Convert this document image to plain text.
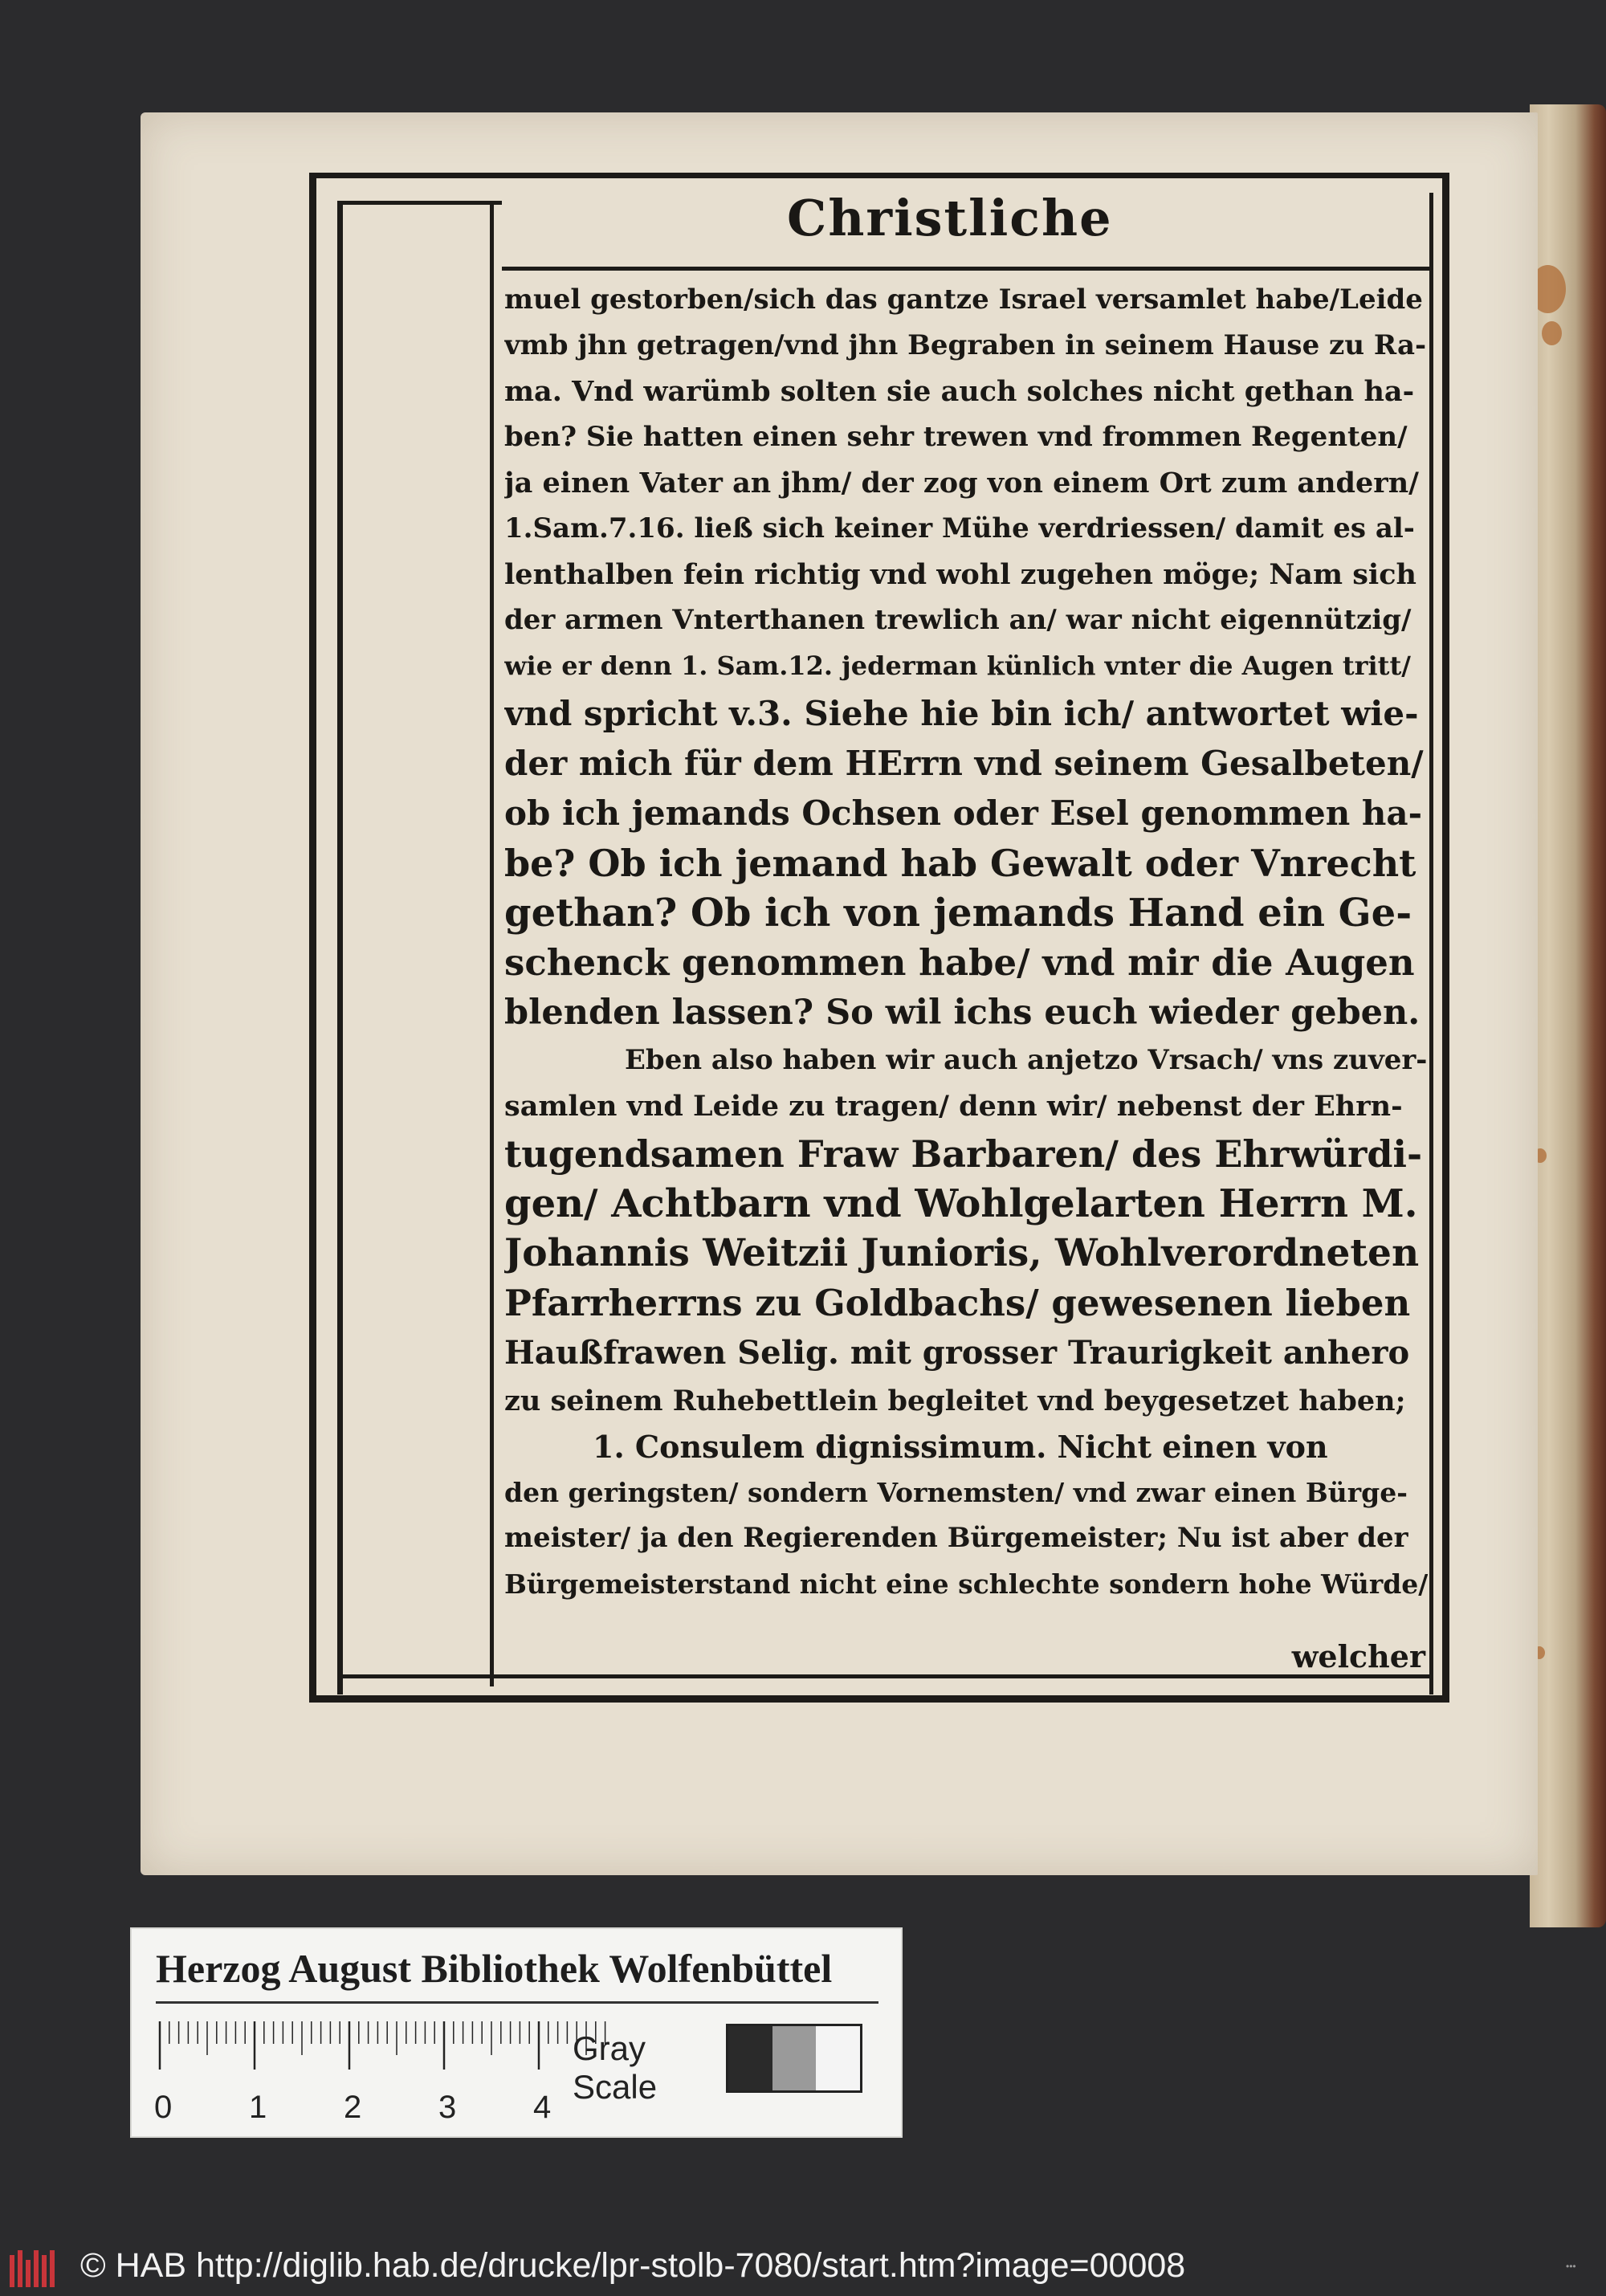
Christliche
muel gestorben/sich das gantze Israel versamlet habe/Leide
vmb jhn getragen/vnd jhn Begraben in seinem Hause zu Ra-
ma. Vnd warümb solten sie auch solches nicht gethan ha-
ben? Sie hatten einen sehr trewen vnd frommen Regenten/
ja einen Vater an jhm/ der zog von einem Ort zum andern/
1.Sam.7.16. ließ sich keiner Mühe verdriessen/ damit es al-
lenthalben fein richtig vnd wohl zugehen möge; Nam sich
der armen Vnterthanen trewlich an/ war nicht eigennützig/
wie er denn 1. Sam.12. jederman künlich vnter die Augen tritt/
vnd spricht v.3. Siehe hie bin ich/ antwortet wie-
der mich für dem HErrn vnd seinem Gesalbeten/
ob ich jemands Ochsen oder Esel genommen ha-
be? Ob ich jemand hab Gewalt oder Vnrecht
gethan? Ob ich von jemands Hand ein Ge-
schenck genommen habe/ vnd mir die Augen
blenden lassen? So wil ichs euch wieder geben.
Eben also haben wir auch anjetzo Vrsach/ vns zuver-
samlen vnd Leide zu tragen/ denn wir/ nebenst der Ehrn-
tugendsamen Fraw Barbaren/ des Ehrwürdi-
gen/ Achtbarn vnd Wohlgelarten Herrn M.
Johannis Weitzii Junioris, Wohlverordneten
Pfarrherrns zu Goldbachs/ gewesenen lieben
Haußfrawen Selig. mit grosser Traurigkeit anhero
zu seinem Ruhebettlein begleitet vnd beygesetzet haben;
1. Consulem dignissimum. Nicht einen von
den geringsten/ sondern Vornemsten/ vnd zwar einen Bürge-
meister/ ja den Regierenden Bürgemeister; Nu ist aber der
Bürgemeisterstand nicht eine schlechte sondern hohe Würde/
welcher
Herzog August Bibliothek Wolfenbüttel
0 1 2 3 4
Gray Scale
© HAB http://diglib.hab.de/drucke/lpr-stolb-7080/start.htm?image=00008	•••
